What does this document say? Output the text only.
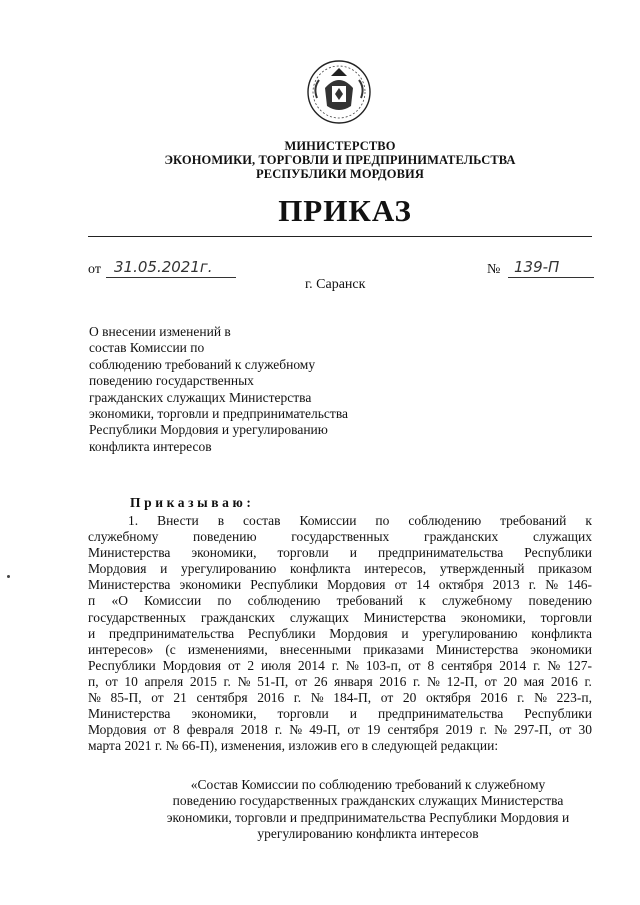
МИНИСТЕРСТВО
ЭКОНОМИКИ, ТОРГОВЛИ И ПРЕДПРИНИМАТЕЛЬСТВА
РЕСПУБЛИКИ МОРДОВИЯ
ПРИКАЗ
от 31.05.2021г.	№ 139-П
г. Саранск
О внесении изменений в
состав Комиссии по
соблюдению требований к служебному
поведению государственных
гражданских служащих Министерства
экономики, торговли и предпринимательства
Республики Мордовия и урегулированию
конфликта интересов
Приказываю:
1. Внести в состав Комиссии по соблюдению требований к
служебному	поведению	государственных	гражданских	служащих
Министерства экономики, торговли и предпринимательства Республики
Мордовия и урегулированию конфликта интересов, утвержденный приказом
Министерства экономики Республики Мордовия от 14 октября 2013 г. № 146-
п «О Комиссии по соблюдению требований к служебному поведению
государственных гражданских служащих Министерства экономики, торговли
и предпринимательства Республики Мордовия и урегулированию конфликта
интересов» (с изменениями, внесенными приказами Министерства экономики
Республики Мордовия от 2 июля 2014 г. № 103-п, от 8 сентября 2014 г. № 127-
п, от 10 апреля 2015 г. № 51-П, от 26 января 2016 г. № 12-П, от 20 мая 2016 г.
№ 85-П, от 21 сентября 2016 г. № 184-П, от 20 октября 2016 г. № 223-п,
Министерства экономики, торговли и предпринимательства Республики
Мордовия от 8 февраля 2018 г. № 49-П, от 19 сентября 2019 г. № 297-П, от 30
марта 2021 г. № 66-П), изменения, изложив его в следующей редакции:
«Состав Комиссии по соблюдению требований к служебному
поведению государственных гражданских служащих Министерства
экономики, торговли и предпринимательства Республики Мордовия и
урегулированию конфликта интересов
